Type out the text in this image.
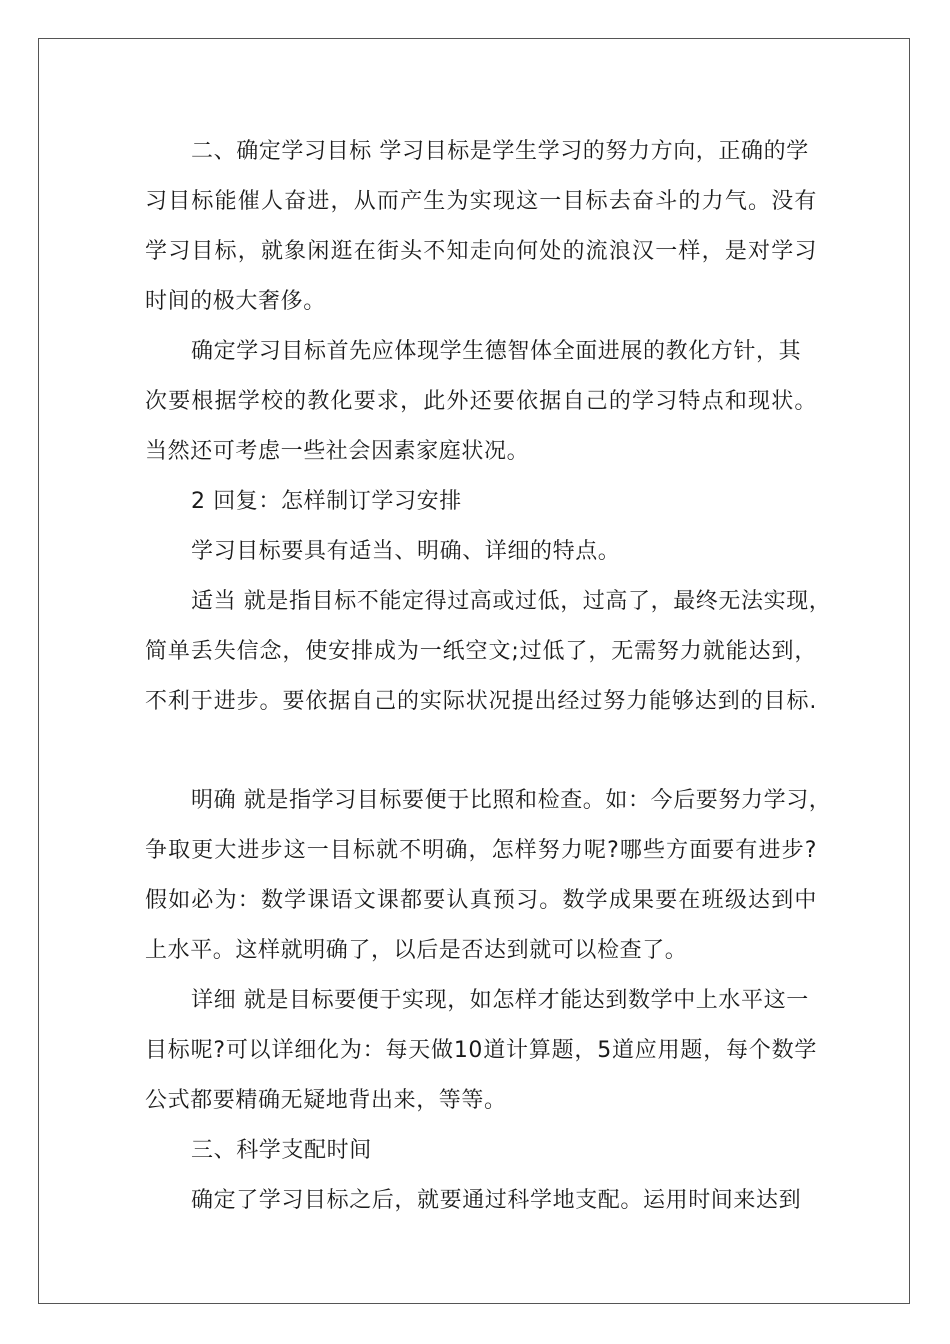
二、确定学习目标 学习目标是学生学习的努力方向，正确的学
习目标能催人奋进，从而产生为实现这一目标去奋斗的力气。没有
学习目标，就象闲逛在街头不知走向何处的流浪汉一样，是对学习
时间的极大奢侈。
确定学习目标首先应体现学生德智体全面进展的教化方针，其
次要根据学校的教化要求，此外还要依据自己的学习特点和现状。
当然还可考虑一些社会因素家庭状况。
2 回复：怎样制订学习安排
学习目标要具有适当、明确、详细的特点。
适当 就是指目标不能定得过高或过低，过高了，最终无法实现，
简单丢失信念，使安排成为一纸空文;过低了，无需努力就能达到，
不利于进步。要依据自己的实际状况提出经过努力能够达到的目标.
明确 就是指学习目标要便于比照和检查。如：今后要努力学习，
争取更大进步这一目标就不明确，怎样努力呢?哪些方面要有进步?
假如必为：数学课语文课都要认真预习。数学成果要在班级达到中
上水平。这样就明确了，以后是否达到就可以检查了。
详细 就是目标要便于实现，如怎样才能达到数学中上水平这一
目标呢?可以详细化为：每天做10道计算题，5道应用题，每个数学
公式都要精确无疑地背出来，等等。
三、科学支配时间
确定了学习目标之后，就要通过科学地支配。运用时间来达到
